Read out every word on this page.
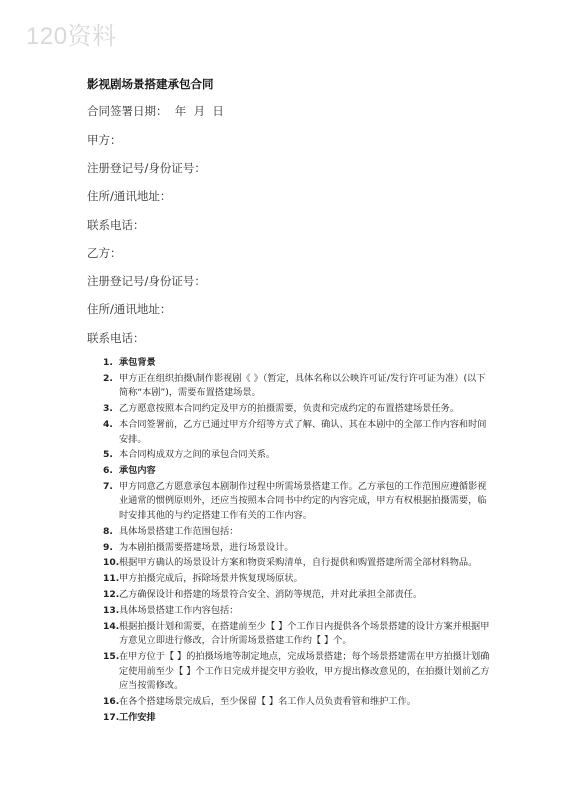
120资料
影视剧场景搭建承包合同
合同签署日期：  年  月  日
甲方：
注册登记号/身份证号：
住所/通讯地址：
联系电话：
乙方：
注册登记号/身份证号：
住所/通讯地址：
联系电话：
1. 承包背景
2. 甲方正在组织拍摄\制作影视剧《 》（暂定，具体名称以公映许可证/发行许可证为准）(以下简称“本剧”)，需要布置搭建场景。
3. 乙方愿意按照本合同约定及甲方的拍摄需要，负责和完成约定的布置搭建场景任务。
4. 本合同签署前，乙方已通过甲方介绍等方式了解、确认、其在本剧中的全部工作内容和时间安排。
5. 本合同构成双方之间的承包合同关系。
6. 承包内容
7. 甲方同意乙方愿意承包本剧制作过程中所需场景搭建工作。乙方承包的工作范围应遵循影视业通常的惯例原则外，还应当按照本合同书中约定的内容完成，甲方有权根据拍摄需要，临时安排其他的与约定搭建工作有关的工作内容。
8. 具体场景搭建工作范围包括：
9. 为本剧拍摄需要搭建场景，进行场景设计。
10. 根据甲方确认的场景设计方案和物资采购清单，自行提供和购置搭建所需全部材料物品。
11. 甲方拍摄完成后，拆除场景并恢复现场原状。
12. 乙方确保设计和搭建的场景符合安全、消防等规范，并对此承担全部责任。
13. 具体场景搭建工作内容包括：
14. 根据拍摄计划和需要，在搭建前至少【 】个工作日内提供各个场景搭建的设计方案并根据甲方意见立即进行修改，合计所需场景搭建工作约【 】个。
15. 在甲方位于【 】的拍摄场地等制定地点，完成场景搭建；每个场景搭建需在甲方拍摄计划确定使用前至少【 】个工作日完成并提交甲方验收，甲方提出修改意见的，在拍摄计划前乙方应当按需修改。
16. 在各个搭建场景完成后，至少保留【 】名工作人员负责看管和维护工作。
17. 工作安排
